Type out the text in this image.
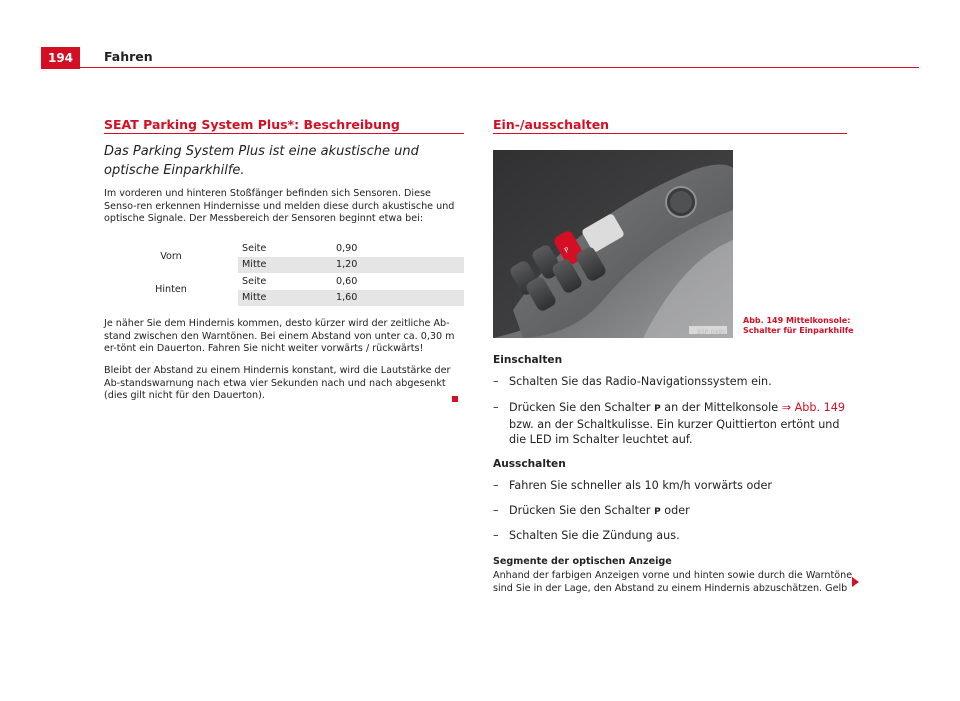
194	Fahren
SEAT Parking System Plus*: Beschreibung
Das Parking System Plus ist eine akustische und optische Einparkhilfe.
Im vorderen und hinteren Stoßfänger befinden sich Sensoren. Diese Senso-ren erkennen Hindernisse und melden diese durch akustische und optische Signale. Der Messbereich der Sensoren beginnt etwa bei:
Vorn	Seite	0,90
	Mitte	1,20
Hinten	Seite	0,60
	Mitte	1,60
Je näher Sie dem Hindernis kommen, desto kürzer wird der zeitliche Ab-stand zwischen den Warntönen. Bei einem Abstand von unter ca. 0,30 m er-tönt ein Dauerton. Fahren Sie nicht weiter vorwärts / rückwärts!
Bleibt der Abstand zu einem Hindernis konstant, wird die Lautstärke der Ab-standswarnung nach etwa vier Sekunden nach und nach abgesenkt (dies gilt nicht für den Dauerton).
Ein-/ausschalten
P
B5P-0491
Abb. 149 Mittelkonsole:
Schalter für Einparkhilfe
Einschalten
– Schalten Sie das Radio-Navigationssystem ein.
– Drücken Sie den Schalter P an der Mittelkonsole ⇒ Abb. 149 bzw. an der Schaltkulisse. Ein kurzer Quittierton ertönt und die LED im Schalter leuchtet auf.
Ausschalten
– Fahren Sie schneller als 10 km/h vorwärts oder
– Drücken Sie den Schalter P oder
– Schalten Sie die Zündung aus.
Segmente der optischen Anzeige
Anhand der farbigen Anzeigen vorne und hinten sowie durch die Warntöne sind Sie in der Lage, den Abstand zu einem Hindernis abzuschätzen. Gelb
